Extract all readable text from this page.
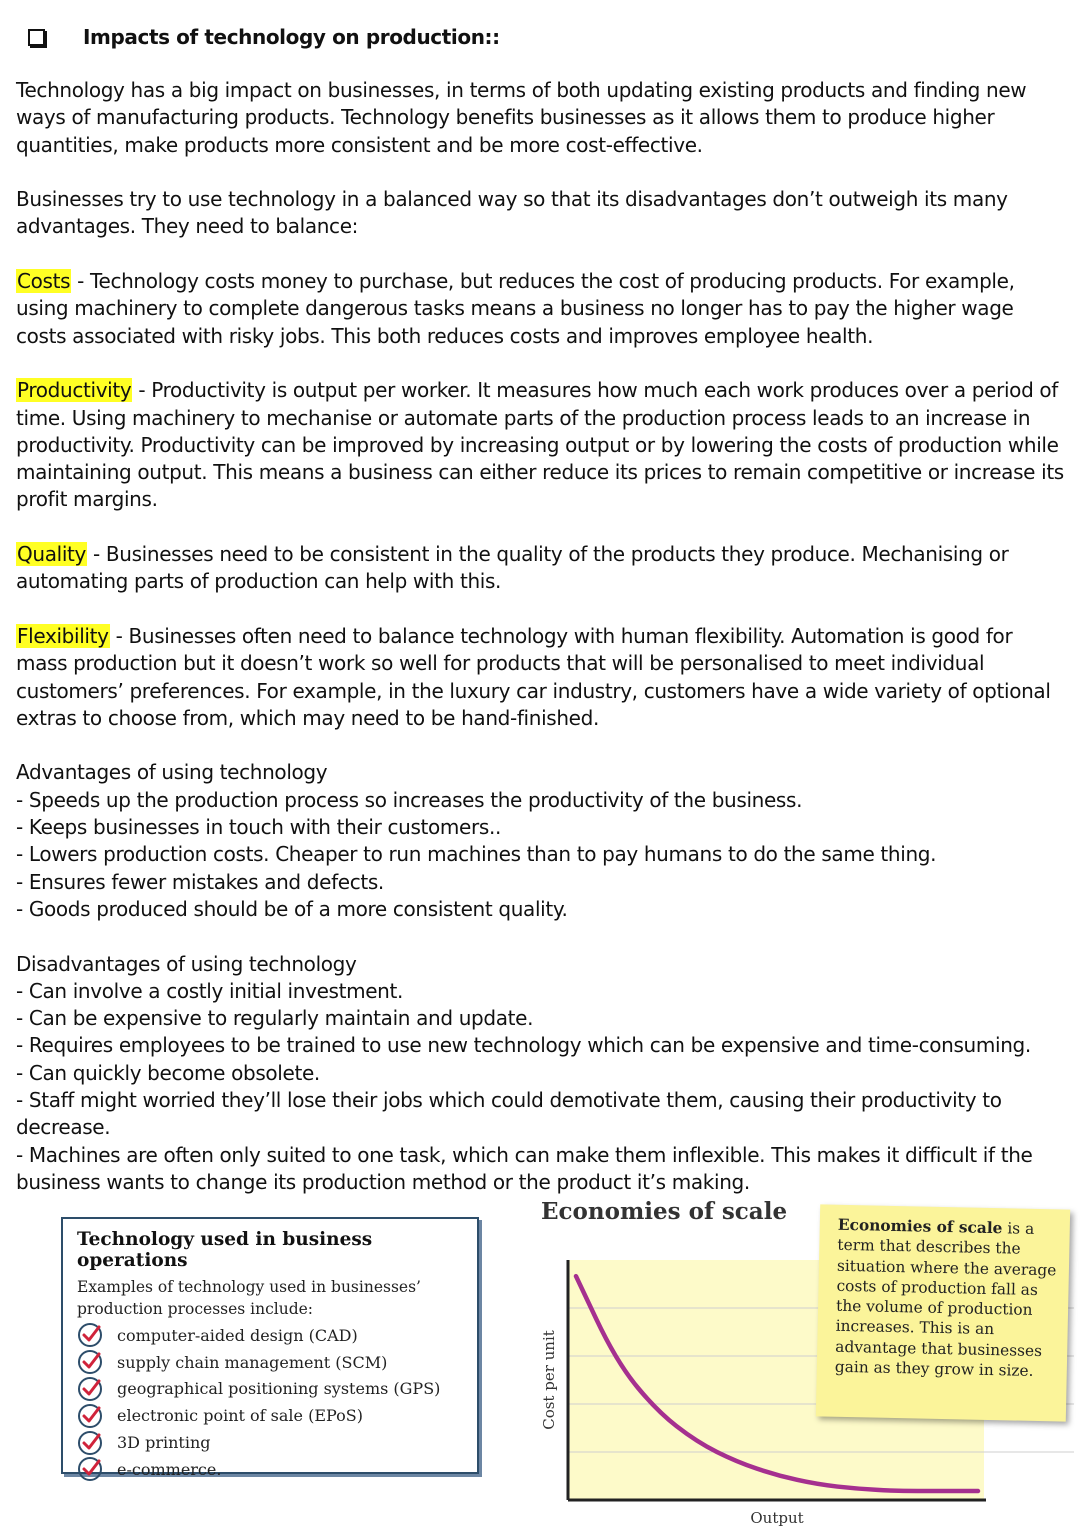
Impacts of technology on production::

Technology has a big impact on businesses, in terms of both updating existing products and finding new ways of manufacturing products. Technology benefits businesses as it allows them to produce higher quantities, make products more consistent and be more cost-effective.

Businesses try to use technology in a balanced way so that its disadvantages don’t outweigh its many advantages. They need to balance:

Costs - Technology costs money to purchase, but reduces the cost of producing products. For example, using machinery to complete dangerous tasks means a business no longer has to pay the higher wage costs associated with risky jobs. This both reduces costs and improves employee health.

Productivity - Productivity is output per worker. It measures how much each work produces over a period of time. Using machinery to mechanise or automate parts of the production process leads to an increase in productivity. Productivity can be improved by increasing output or by lowering the costs of production while maintaining output. This means a business can either reduce its prices to remain competitive or increase its profit margins.

Quality - Businesses need to be consistent in the quality of the products they produce. Mechanising or automating parts of production can help with this.

Flexibility - Businesses often need to balance technology with human flexibility. Automation is good for mass production but it doesn’t work so well for products that will be personalised to meet individual customers’ preferences. For example, in the luxury car industry, customers have a wide variety of optional extras to choose from, which may need to be hand-finished.

Advantages of using technology
- Speeds up the production process so increases the productivity of the business.
- Keeps businesses in touch with their customers..
- Lowers production costs. Cheaper to run machines than to pay humans to do the same thing.
- Ensures fewer mistakes and defects.
- Goods produced should be of a more consistent quality.

Disadvantages of using technology
- Can involve a costly initial investment.
- Can be expensive to regularly maintain and update.
- Requires employees to be trained to use new technology which can be expensive and time-consuming.
- Can quickly become obsolete.
- Staff might worried they’ll lose their jobs which could demotivate them, causing their productivity to decrease.
- Machines are often only suited to one task, which can make them inflexible. This makes it difficult if the business wants to change its production method or the product it’s making.

Technology used in business operations
Examples of technology used in businesses’ production processes include:
computer-aided design (CAD)
supply chain management (SCM)
geographical positioning systems (GPS)
electronic point of sale (EPoS)
3D printing
e-commerce.
Economies of scale
Cost per unit
Output
Economies of scale is a term that describes the situation where the average costs of production fall as the volume of production increases. This is an advantage that businesses gain as they grow in size.
